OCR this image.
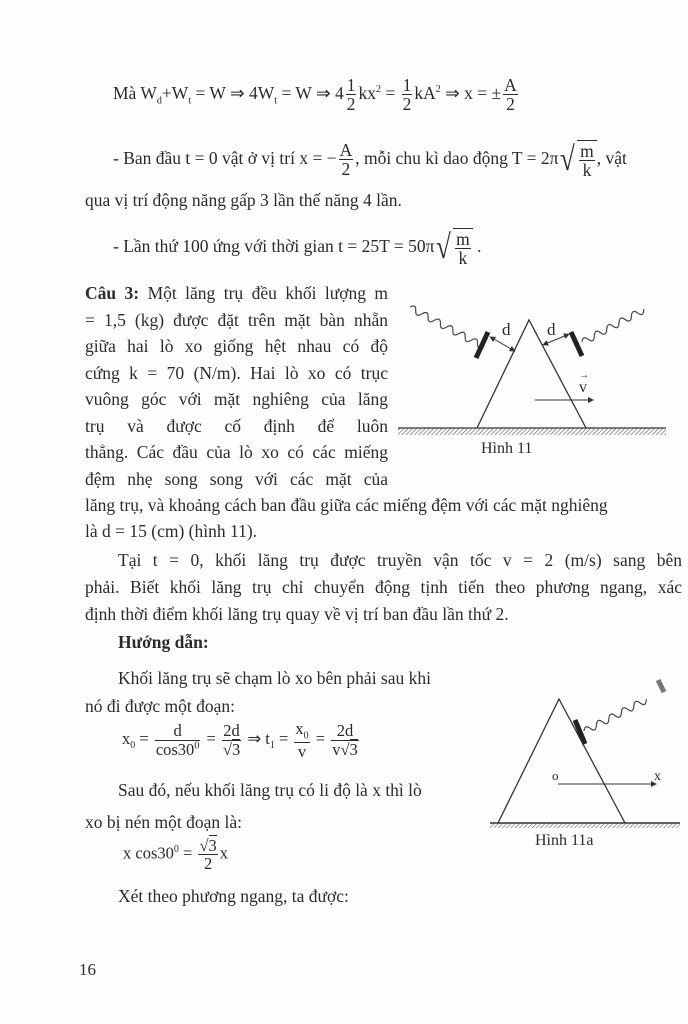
Mà $W_d+W_t = W$ ⇒ $4W_t = W$ ⇒ $4 \frac{1}{2} kx^2 = \frac{1}{2} kA^2$ ⇒ x = ± $\frac{A}{2}$
- Ban đầu t = 0 vật ở vị trí x = − $\frac{A}{2}$ , mỗi chu kì dao động $T = 2\pi√ \frac{m}{k}$ , vật
qua vị trí động năng gấp 3 lần thế năng 4 lần.
- Lần thứ 100 ứng với thời gian $t = 25T = 50\pi√ \frac{m}{k}$ .
Câu 3: Một lăng trụ đều khối lượng m
= 1,5 (kg) được đặt trên mặt bàn nhẵn
giữa hai lò xo giống hệt nhau có độ
cứng k = 70 (N/m). Hai lò xo có trục
vuông góc với mặt nghiêng của lăng
trụ và được cố định để luôn
thẳng. Các đầu của lò xo có các miếng
đệm nhẹ song song với các mặt của
lăng trụ, và khoảng cách ban đầu giữa các miếng đệm với các mặt nghiêng
là d = 15 (cm) (hình 11).
Tại t = 0, khối lăng trụ được truyền vận tốc v = 2 (m/s) sang bên
phải. Biết khối lăng trụ chỉ chuyển động tịnh tiến theo phương ngang, xác
định thời điểm khối lăng trụ quay về vị trí ban đầu lần thứ 2.
d d
v
→
Hình 11
Hướng dẫn:
Khối lăng trụ sẽ chạm lò xo bên phải sau khi
nó đi được một đoạn:
$x_0 = \frac{d}{\cos 30^0} = \frac{2d}{√3}$ ⇒ $t_1 = \frac{x_0}{v} = \frac{2d}{v√3}$
Sau đó, nếu khối lăng trụ có li độ là x thì lò
xo bị nén một đoạn là:
x $\cos 30^0 = \frac{√3}{2}$ x
Xét theo phương ngang, ta được:
o	x
Hình 11a
16
